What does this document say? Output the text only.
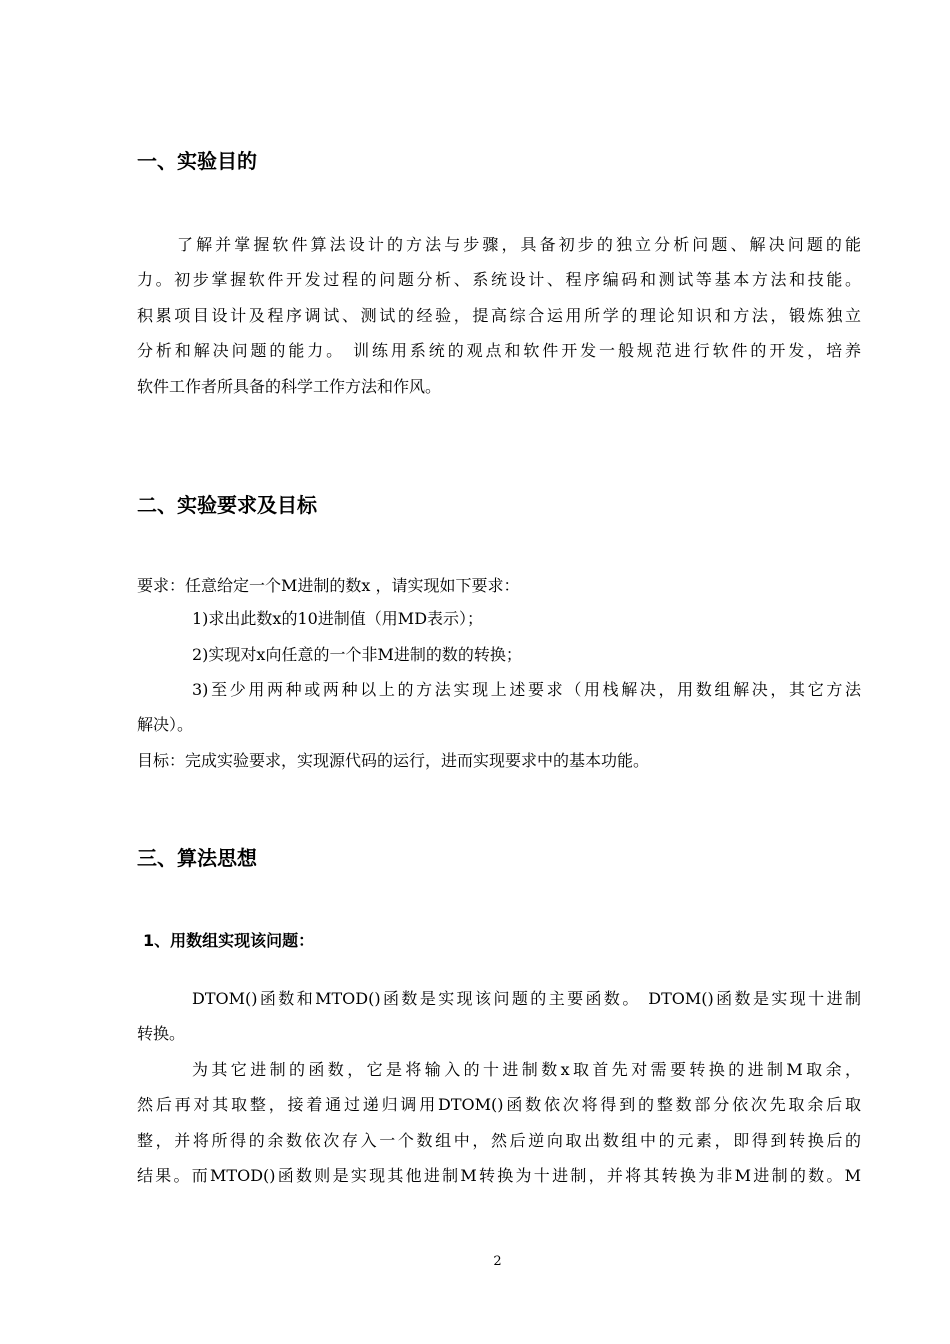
一、实验目的
了解并掌握软件算法设计的方法与步骤，具备初步的独立分析问题、解决问题的能
力。初步掌握软件开发过程的问题分析、系统设计、程序编码和测试等基本方法和技能。
积累项目设计及程序调试、测试的经验，提高综合运用所学的理论知识和方法，锻炼独立
分析和解决问题的能力。 训练用系统的观点和软件开发一般规范进行软件的开发，培养
软件工作者所具备的科学工作方法和作风。
二、实验要求及目标
要求：任意给定一个M进制的数x ，请实现如下要求：
1)求出此数x的10进制值（用MD表示）；
2)实现对x向任意的一个非M进制的数的转换；
3)至少用两种或两种以上的方法实现上述要求（用栈解决，用数组解决，其它方法
解决）。
目标：完成实验要求，实现源代码的运行，进而实现要求中的基本功能。
三、算法思想
1、用数组实现该问题：
DTOM()函数和MTOD()函数是实现该问题的主要函数。 DTOM()函数是实现十进制
转换。
为其它进制的函数，它是将输入的十进制数x取首先对需要转换的进制M取余，
然后再对其取整，接着通过递归调用DTOM()函数依次将得到的整数部分依次先取余后取
整，并将所得的余数依次存入一个数组中，然后逆向取出数组中的元素，即得到转换后的
结果。而MTOD()函数则是实现其他进制M转换为十进制，并将其转换为非M进制的数。M
2
